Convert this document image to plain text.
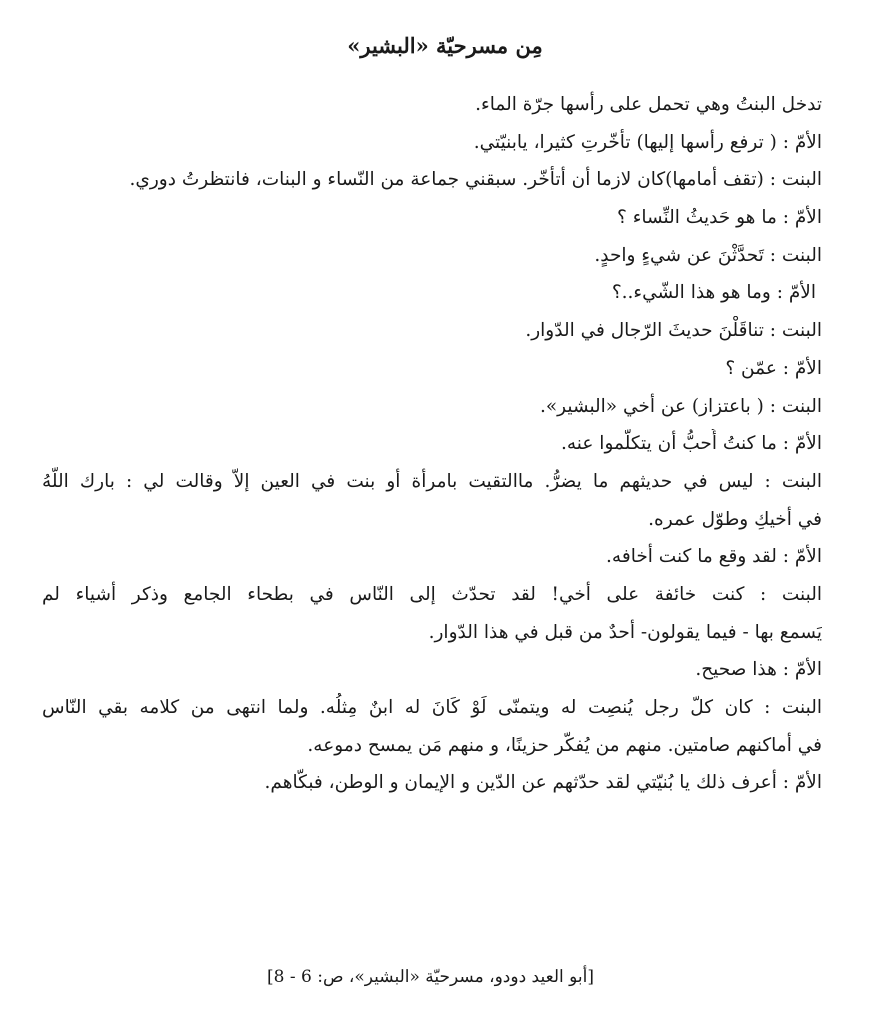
مِن مسرحيّة «البشير»
تدخل البنتُ وهي تحمل على رأسها جرّة الماء.
الأمّ : ( ترفع رأسها إليها) تأخّرتِ كثيرا، يابنيّتي.
البنت : (تقف أمامها)كان لازما أن أتأخّر. سبقني جماعة من النّساء و البنات، فانتظرتُ دوري.
الأمّ : ما هو حَديثُ النِّساء ؟
البنت : تَحدَّثْنَ عن شيءٍ واحدٍ.
الأمّ : وما هو هذا الشّيء..؟
البنت : تناقَلْنَ حديثَ الرّجال في الدّوار.
الأمّ : عمّن ؟
البنت : ( باعتزاز) عن أخي «البشير».
الأمّ : ما كنتُ أُحبُّ أن يتكلّموا عنه.
البنت : ليس في حديثهم ما يضرُّ. ماالتقيت بامرأة أو بنت في العين إلاّ وقالت لي : بارك اللّهُ
في أخيكِ وطوّل عمره.
الأمّ : لقد وقع ما كنت أخافه.
البنت : كنت خائفة على أخي! لقد تحدّث إلى النّاس في بطحاء الجامع وذكر أشياء لم
يَسمع بها - فيما يقولون- أحدٌ من قبل في هذا الدّوار.
الأمّ : هذا صحيح.
البنت : كان كلّ رجل يُنصِت له ويتمنّى لَوْ كَانَ له ابنٌ مِثلُه. ولما انتهى من كلامه بقي النّاس
في أماكنهم صامتين. منهم من يُفكّر حزينًا، و منهم مَن يمسح دموعه.
الأمّ : أعرف ذلك يا بُنيّتي لقد حدّثهم عن الدّين و الإيمان و الوطن، فبكّاهم.
[أبو العيد دودو، مسرحيّة «البشير»، ص: 6 - 8]
